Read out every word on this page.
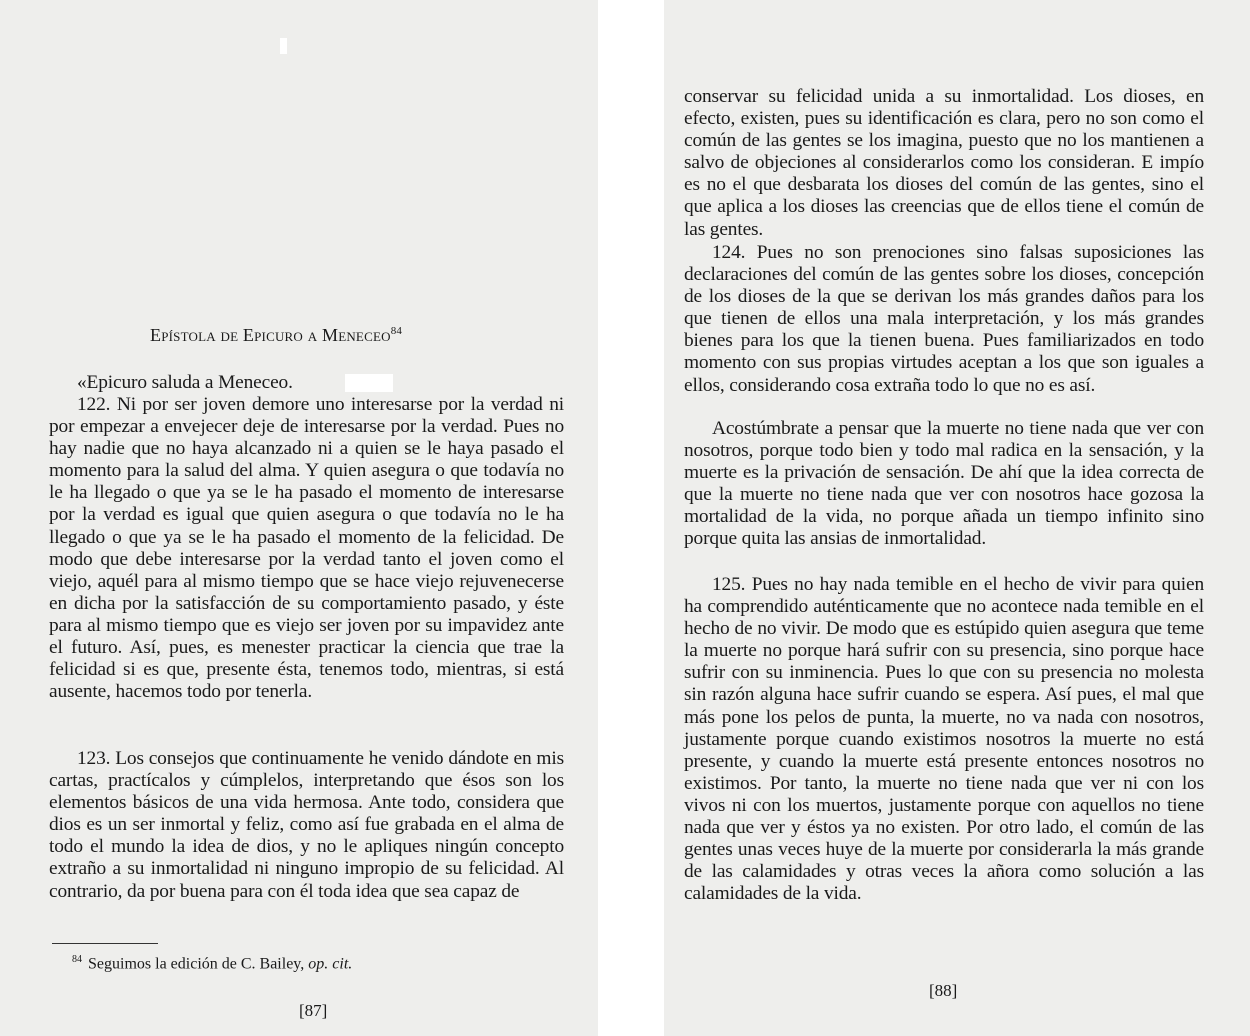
Epístola de Epicuro a Meneceo$^{84}$

«Epicuro saluda a Meneceo.

122. Ni por ser joven demore uno interesarse por la verdad ni por empezar a envejecer deje de interesarse por la verdad. Pues no hay nadie que no haya alcanzado ni a quien se le haya pasado el momento para la salud del alma. Y quien asegura o que todavía no le ha llegado o que ya se le ha pasado el momento de interesarse por la verdad es igual que quien asegura o que todavía no le ha llegado o que ya se le ha pasado el momento de la felicidad. De modo que debe interesarse por la verdad tanto el joven como el viejo, aquél para al mismo tiempo que se hace viejo rejuvenecerse en dicha por la satisfacción de su comportamiento pasado, y éste para al mismo tiempo que es viejo ser joven por su impavidez ante el futuro. Así, pues, es menester practicar la ciencia que trae la felicidad si es que, presente ésta, tenemos todo, mientras, si está ausente, hacemos todo por tenerla.

123. Los consejos que continuamente he venido dándote en mis cartas, practícalos y cúmplelos, interpretando que ésos son los elementos básicos de una vida hermosa. Ante todo, considera que dios es un ser inmortal y feliz, como así fue grabada en el alma de todo el mundo la idea de dios, y no le apliques ningún concepto extraño a su inmortalidad ni ninguno impropio de su felicidad. Al contrario, da por buena para con él toda idea que sea capaz de

$^{84}$ Seguimos la edición de C. Bailey, op. cit.
[87]

conservar su felicidad unida a su inmortalidad. Los dioses, en efecto, existen, pues su identificación es clara, pero no son como el común de las gentes se los imagina, puesto que no los mantienen a salvo de objeciones al considerarlos como los consideran. E impío es no el que desbarata los dioses del común de las gentes, sino el que aplica a los dioses las creencias que de ellos tiene el común de las gentes.

124. Pues no son prenociones sino falsas suposiciones las declaraciones del común de las gentes sobre los dioses, concepción de los dioses de la que se derivan los más grandes daños para los que tienen de ellos una mala interpretación, y los más grandes bienes para los que la tienen buena. Pues familiarizados en todo momento con sus propias virtudes aceptan a los que son iguales a ellos, considerando cosa extraña todo lo que no es así.

Acostúmbrate a pensar que la muerte no tiene nada que ver con nosotros, porque todo bien y todo mal radica en la sensación, y la muerte es la privación de sensación. De ahí que la idea correcta de que la muerte no tiene nada que ver con nosotros hace gozosa la mortalidad de la vida, no porque añada un tiempo infinito sino porque quita las ansias de inmortalidad.

125. Pues no hay nada temible en el hecho de vivir para quien ha comprendido auténticamente que no acontece nada temible en el hecho de no vivir. De modo que es estúpido quien asegura que teme la muerte no porque hará sufrir con su presencia, sino porque hace sufrir con su inminencia. Pues lo que con su presencia no molesta sin razón alguna hace sufrir cuando se espera. Así pues, el mal que más pone los pelos de punta, la muerte, no va nada con nosotros, justamente porque cuando existimos nosotros la muerte no está presente, y cuando la muerte está presente entonces nosotros no existimos. Por tanto, la muerte no tiene nada que ver ni con los vivos ni con los muertos, justamente porque con aquellos no tiene nada que ver y éstos ya no existen. Por otro lado, el común de las gentes unas veces huye de la muerte por considerarla la más grande de las calamidades y otras veces la añora como solución a las calamidades de la vida.

[88]
